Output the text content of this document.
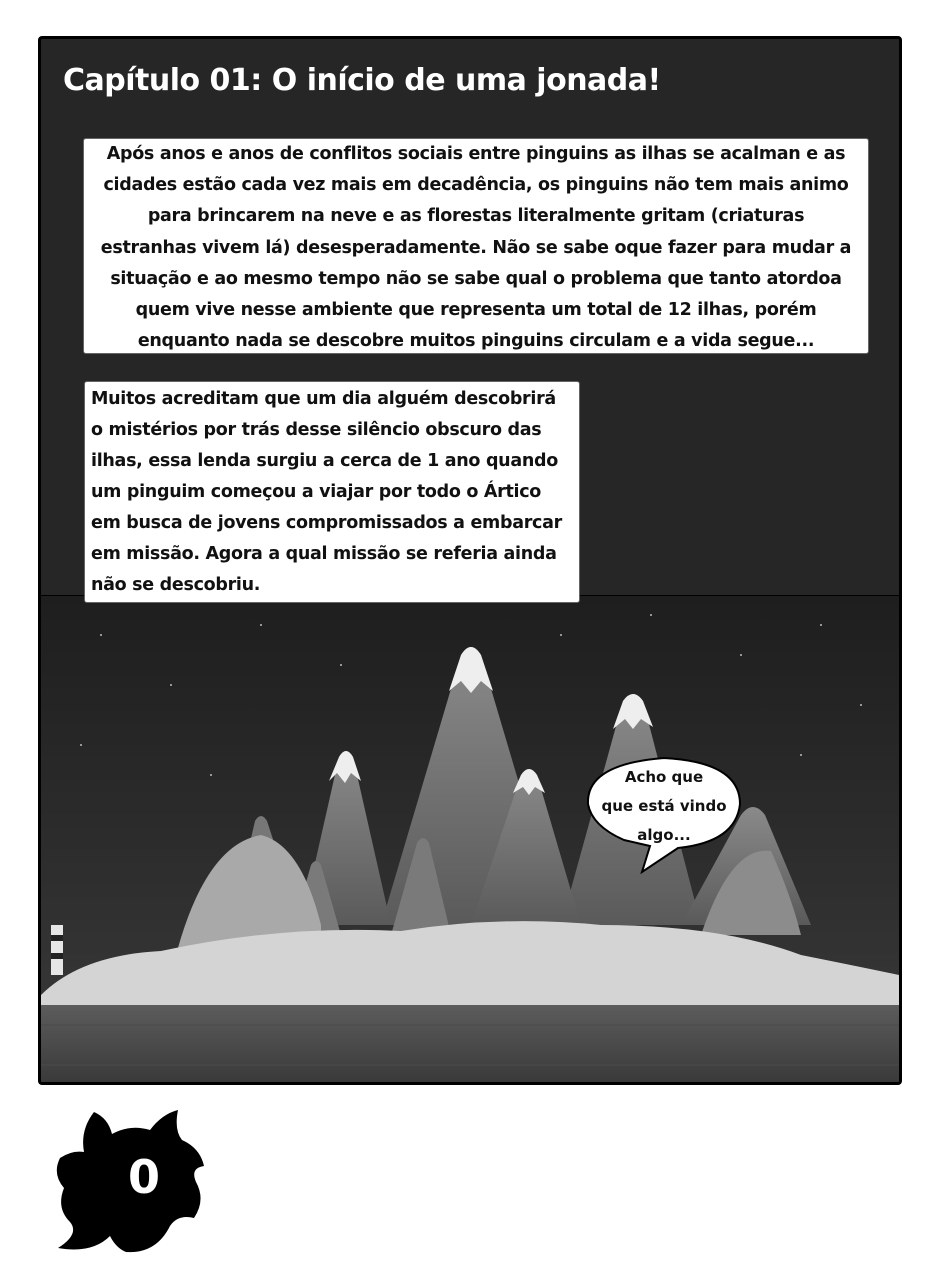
Capítulo 01: O início de uma jonada!
Após anos e anos de conflitos sociais entre pinguins as ilhas se acalman e as
cidades estão cada vez mais em decadência, os pinguins não tem mais animo
para brincarem na neve e as florestas literalmente gritam (criaturas
estranhas vivem lá) desesperadamente. Não se sabe oque fazer para mudar a
situação e ao mesmo tempo não se sabe qual o problema que tanto atordoa
quem vive nesse ambiente que representa um total de 12 ilhas, porém
enquanto nada se descobre muitos pinguins circulam e a vida segue...
Muitos acreditam que um dia alguém descobrirá
o mistérios por trás desse silêncio obscuro das
ilhas, essa lenda surgiu a cerca de 1 ano quando
um pinguim começou a viajar por todo o Ártico
em busca de jovens compromissados a embarcar
em missão. Agora a qual missão se referia ainda
não se descobriu.
Acho que
que está vindo
algo...
0
